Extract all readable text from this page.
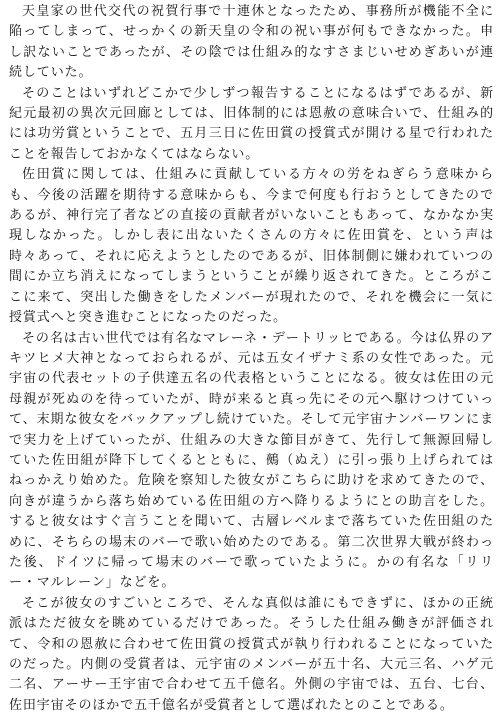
天皇家の世代交代の祝賀行事で十連休となったため、事務所が機能不全に陥ってしまって、せっかくの新天皇の令和の祝い事が何もできなかった。申し訳ないことであったが、その陰では仕組み的なすさまじいせめぎあいが連続していた。

そのことはいずれどこかで少しずつ報告することになるはずであるが、新紀元最初の異次元回廊としては、旧体制的には恩赦の意味合いで、仕組み的には功労賞ということで、五月三日に佐田賞の授賞式が開ける星で行われたことを報告しておかなくてはならない。

佐田賞に関しては、仕組みに貢献している方々の労をねぎらう意味からも、今後の活躍を期待する意味からも、今まで何度も行おうとしてきたのであるが、神行完了者などの直接の貢献者がいないこともあって、なかなか実現しなかった。しかし表に出ないたくさんの方々に佐田賞を、という声は時々あって、それに応えようとしたのであるが、旧体制側に嫌われていつの間にか立ち消えになってしまうということが繰り返されてきた。ところがここに来て、突出した働きをしたメンバーが現れたので、それを機会に一気に授賞式へと突き進むことになったのだった。

その名は古い世代では有名なマレーネ・デートリッヒである。今は仏界のアキツヒメ大神となっておられるが、元は五女イザナミ系の女性であった。元宇宙の代表セットの子供達五名の代表格ということになる。彼女は佐田の元母親が死ぬのを待っていたが、時が来ると真っ先にその元へ駆けつけていって、末期な彼女をバックアップし続けていた。そして元宇宙ナンバーワンにまで実力を上げていったが、仕組みの大きな節目がきて、先行して無源回帰していた佐田組が降下してくるとともに、鵺（ぬえ）に引っ張り上げられてはねっかえり始めた。危険を察知した彼女がこちらに助けを求めてきたので、向きが違うから落ち始めている佐田組の方へ降りるようにとの助言をした。すると彼女はすぐ言うことを聞いて、古層レベルまで落ちていた佐田組のために、そちらの場末のバーで歌い始めたのである。第二次世界大戦が終わった後、ドイツに帰って場末のバーで歌っていたように。かの有名な「リリー・マルレーン」などを。

そこが彼女のすごいところで、そんな真似は誰にもできずに、ほかの正統派はただ彼女を眺めているだけであった。そうした仕組み働きが評価されて、令和の恩赦に合わせて佐田賞の授賞式が執り行われることになっていたのだった。内側の受賞者は、元宇宙のメンバーが五十名、大元三名、ハゲ元二名、アーサー王宇宙で合わせて五千億名。外側の宇宙では、五台、七台、佐田宇宙そのほかで五千億名が受賞者として選ばれたとのことである。
